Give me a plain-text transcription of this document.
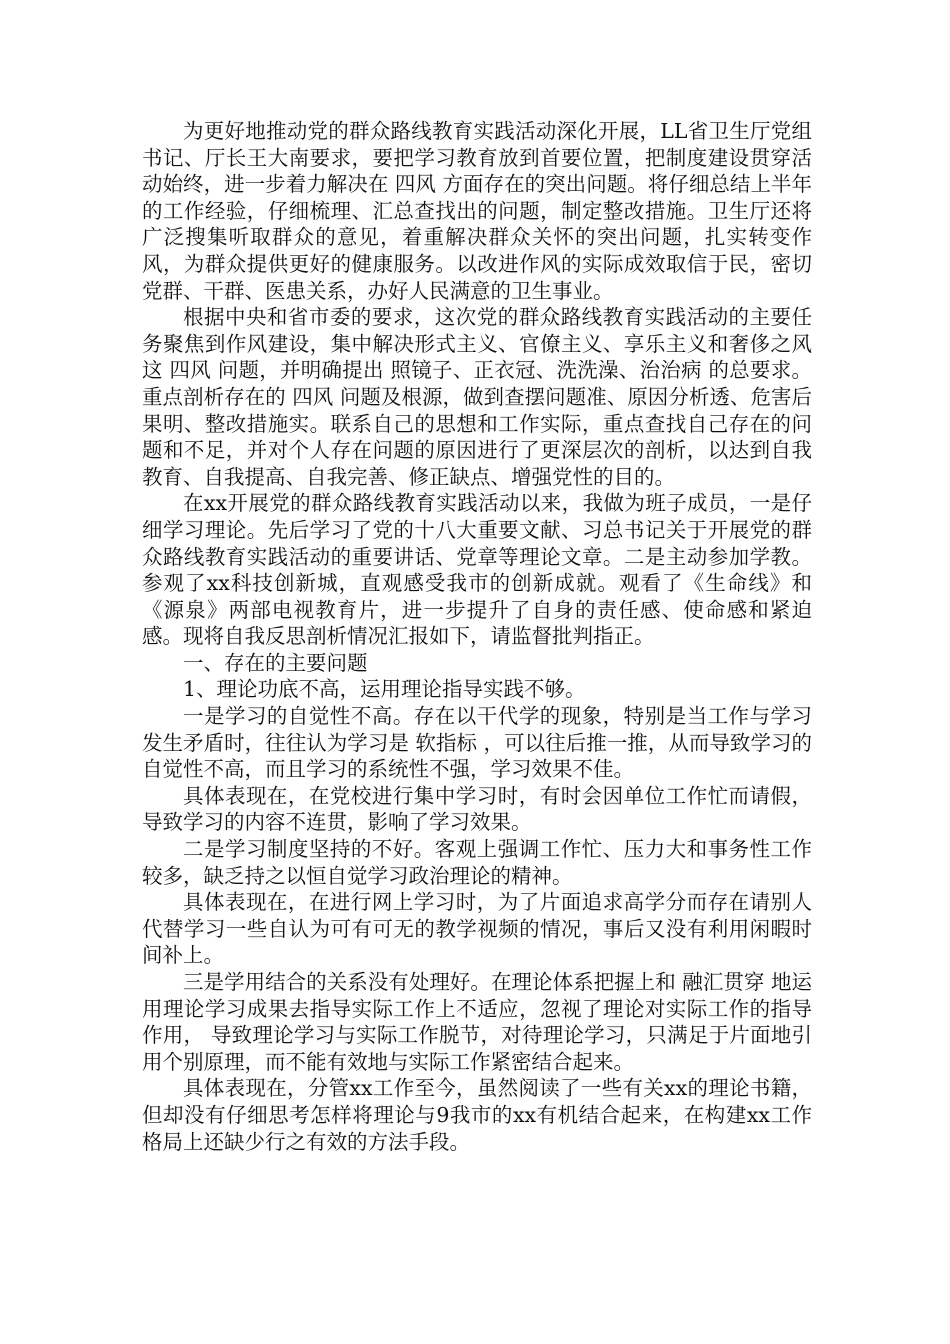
为更好地推动党的群众路线教育实践活动深化开展，LL省卫生厅党组书记、厅长王大南要求，要把学习教育放到首要位置，把制度建设贯穿活动始终，进一步着力解决在 四风 方面存在的突出问题。将仔细总结上半年的工作经验，仔细梳理、汇总查找出的问题，制定整改措施。卫生厅还将广泛搜集听取群众的意见，着重解决群众关怀的突出问题，扎实转变作风，为群众提供更好的健康服务。以改进作风的实际成效取信于民，密切党群、干群、医患关系，办好人民满意的卫生事业。

根据中央和省市委的要求，这次党的群众路线教育实践活动的主要任务聚焦到作风建设，集中解决形式主义、官僚主义、享乐主义和奢侈之风这 四风 问题，并明确提出 照镜子、正衣冠、洗洗澡、治治病 的总要求。重点剖析存在的 四风 问题及根源，做到查摆问题准、原因分析透、危害后果明、整改措施实。联系自己的思想和工作实际，重点查找自己存在的问题和不足，并对个人存在问题的原因进行了更深层次的剖析，以达到自我教育、自我提高、自我完善、修正缺点、增强党性的目的。

在xx开展党的群众路线教育实践活动以来，我做为班子成员，一是仔细学习理论。先后学习了党的十八大重要文献、习总书记关于开展党的群众路线教育实践活动的重要讲话、党章等理论文章。二是主动参加学教。参观了xx科技创新城，直观感受我市的创新成就。观看了《生命线》和《源泉》两部电视教育片，进一步提升了自身的责任感、使命感和紧迫感。现将自我反思剖析情况汇报如下，请监督批判指正。

一、存在的主要问题

1、理论功底不高，运用理论指导实践不够。

一是学习的自觉性不高。存在以干代学的现象，特别是当工作与学习发生矛盾时，往往认为学习是 软指标 ，可以往后推一推，从而导致学习的自觉性不高，而且学习的系统性不强，学习效果不佳。

具体表现在，在党校进行集中学习时，有时会因单位工作忙而请假，导致学习的内容不连贯，影响了学习效果。

二是学习制度坚持的不好。客观上强调工作忙、压力大和事务性工作较多，缺乏持之以恒自觉学习政治理论的精神。

具体表现在，在进行网上学习时，为了片面追求高学分而存在请别人代替学习一些自认为可有可无的教学视频的情况，事后又没有利用闲暇时间补上。

三是学用结合的关系没有处理好。在理论体系把握上和 融汇贯穿 地运用理论学习成果去指导实际工作上不适应，忽视了理论对实际工作的指导作用， 导致理论学习与实际工作脱节，对待理论学习，只满足于片面地引用个别原理，而不能有效地与实际工作紧密结合起来。

具体表现在，分管xx工作至今，虽然阅读了一些有关xx的理论书籍，但却没有仔细思考怎样将理论与9我市的xx有机结合起来，在构建xx工作格局上还缺少行之有效的方法手段。
